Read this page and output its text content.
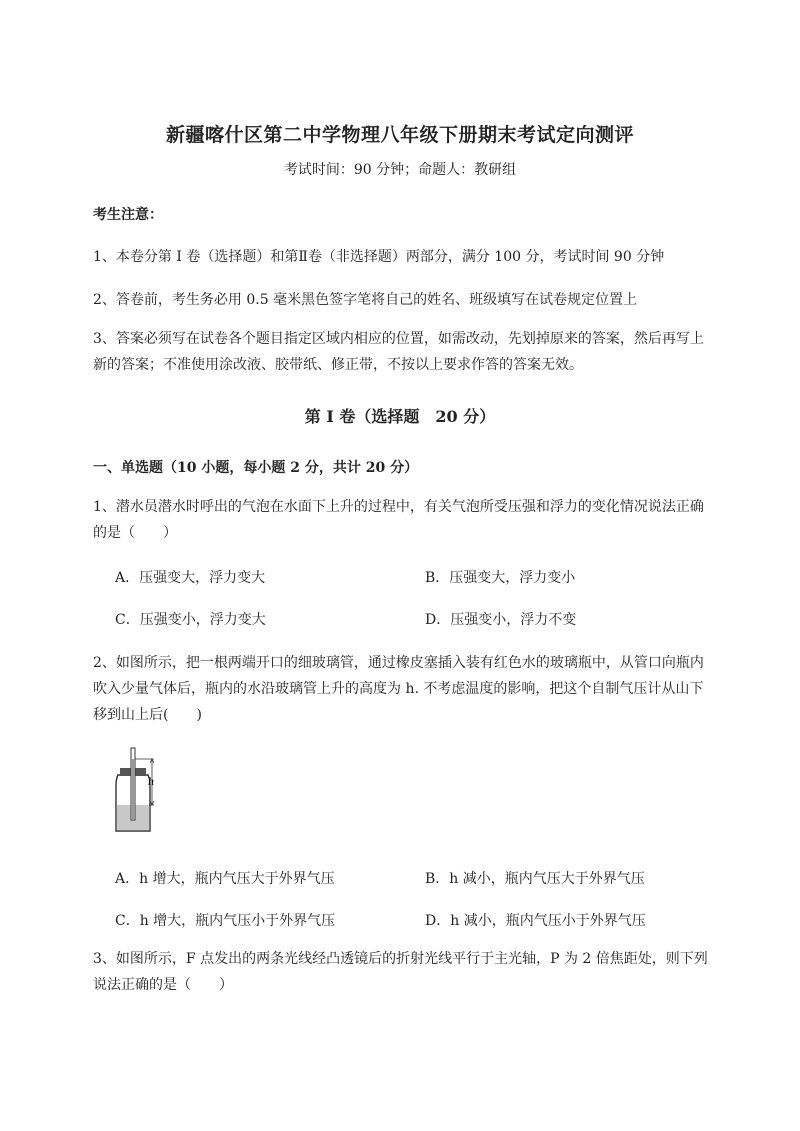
新疆喀什区第二中学物理八年级下册期末考试定向测评
考试时间：90 分钟；命题人：教研组
考生注意：
1、本卷分第 I 卷（选择题）和第Ⅱ卷（非选择题）两部分，满分 100 分，考试时间 90 分钟
2、答卷前，考生务必用 0.5 毫米黑色签字笔将自己的姓名、班级填写在试卷规定位置上
3、答案必须写在试卷各个题目指定区域内相应的位置，如需改动，先划掉原来的答案，然后再写上新的答案；不准使用涂改液、胶带纸、修正带，不按以上要求作答的答案无效。
第 I 卷（选择题　20 分）
一、单选题（10 小题，每小题 2 分，共计 20 分）
1、潜水员潜水时呼出的气泡在水面下上升的过程中，有关气泡所受压强和浮力的变化情况说法正确的是（　　）
A．压强变大，浮力变大	B．压强变大，浮力变小
C．压强变小，浮力变大	D．压强变小，浮力不变
2、如图所示，把一根两端开口的细玻璃管，通过橡皮塞插入装有红色水的玻璃瓶中，从管口向瓶内吹入少量气体后，瓶内的水沿玻璃管上升的高度为 h. 不考虑温度的影响，把这个自制气压计从山下移到山上后(　　)
h
A．h 增大，瓶内气压大于外界气压	B．h 减小，瓶内气压大于外界气压
C．h 增大，瓶内气压小于外界气压	D．h 减小，瓶内气压小于外界气压
3、如图所示，F 点发出的两条光线经凸透镜后的折射光线平行于主光轴，P 为 2 倍焦距处，则下列说法正确的是（　　）
